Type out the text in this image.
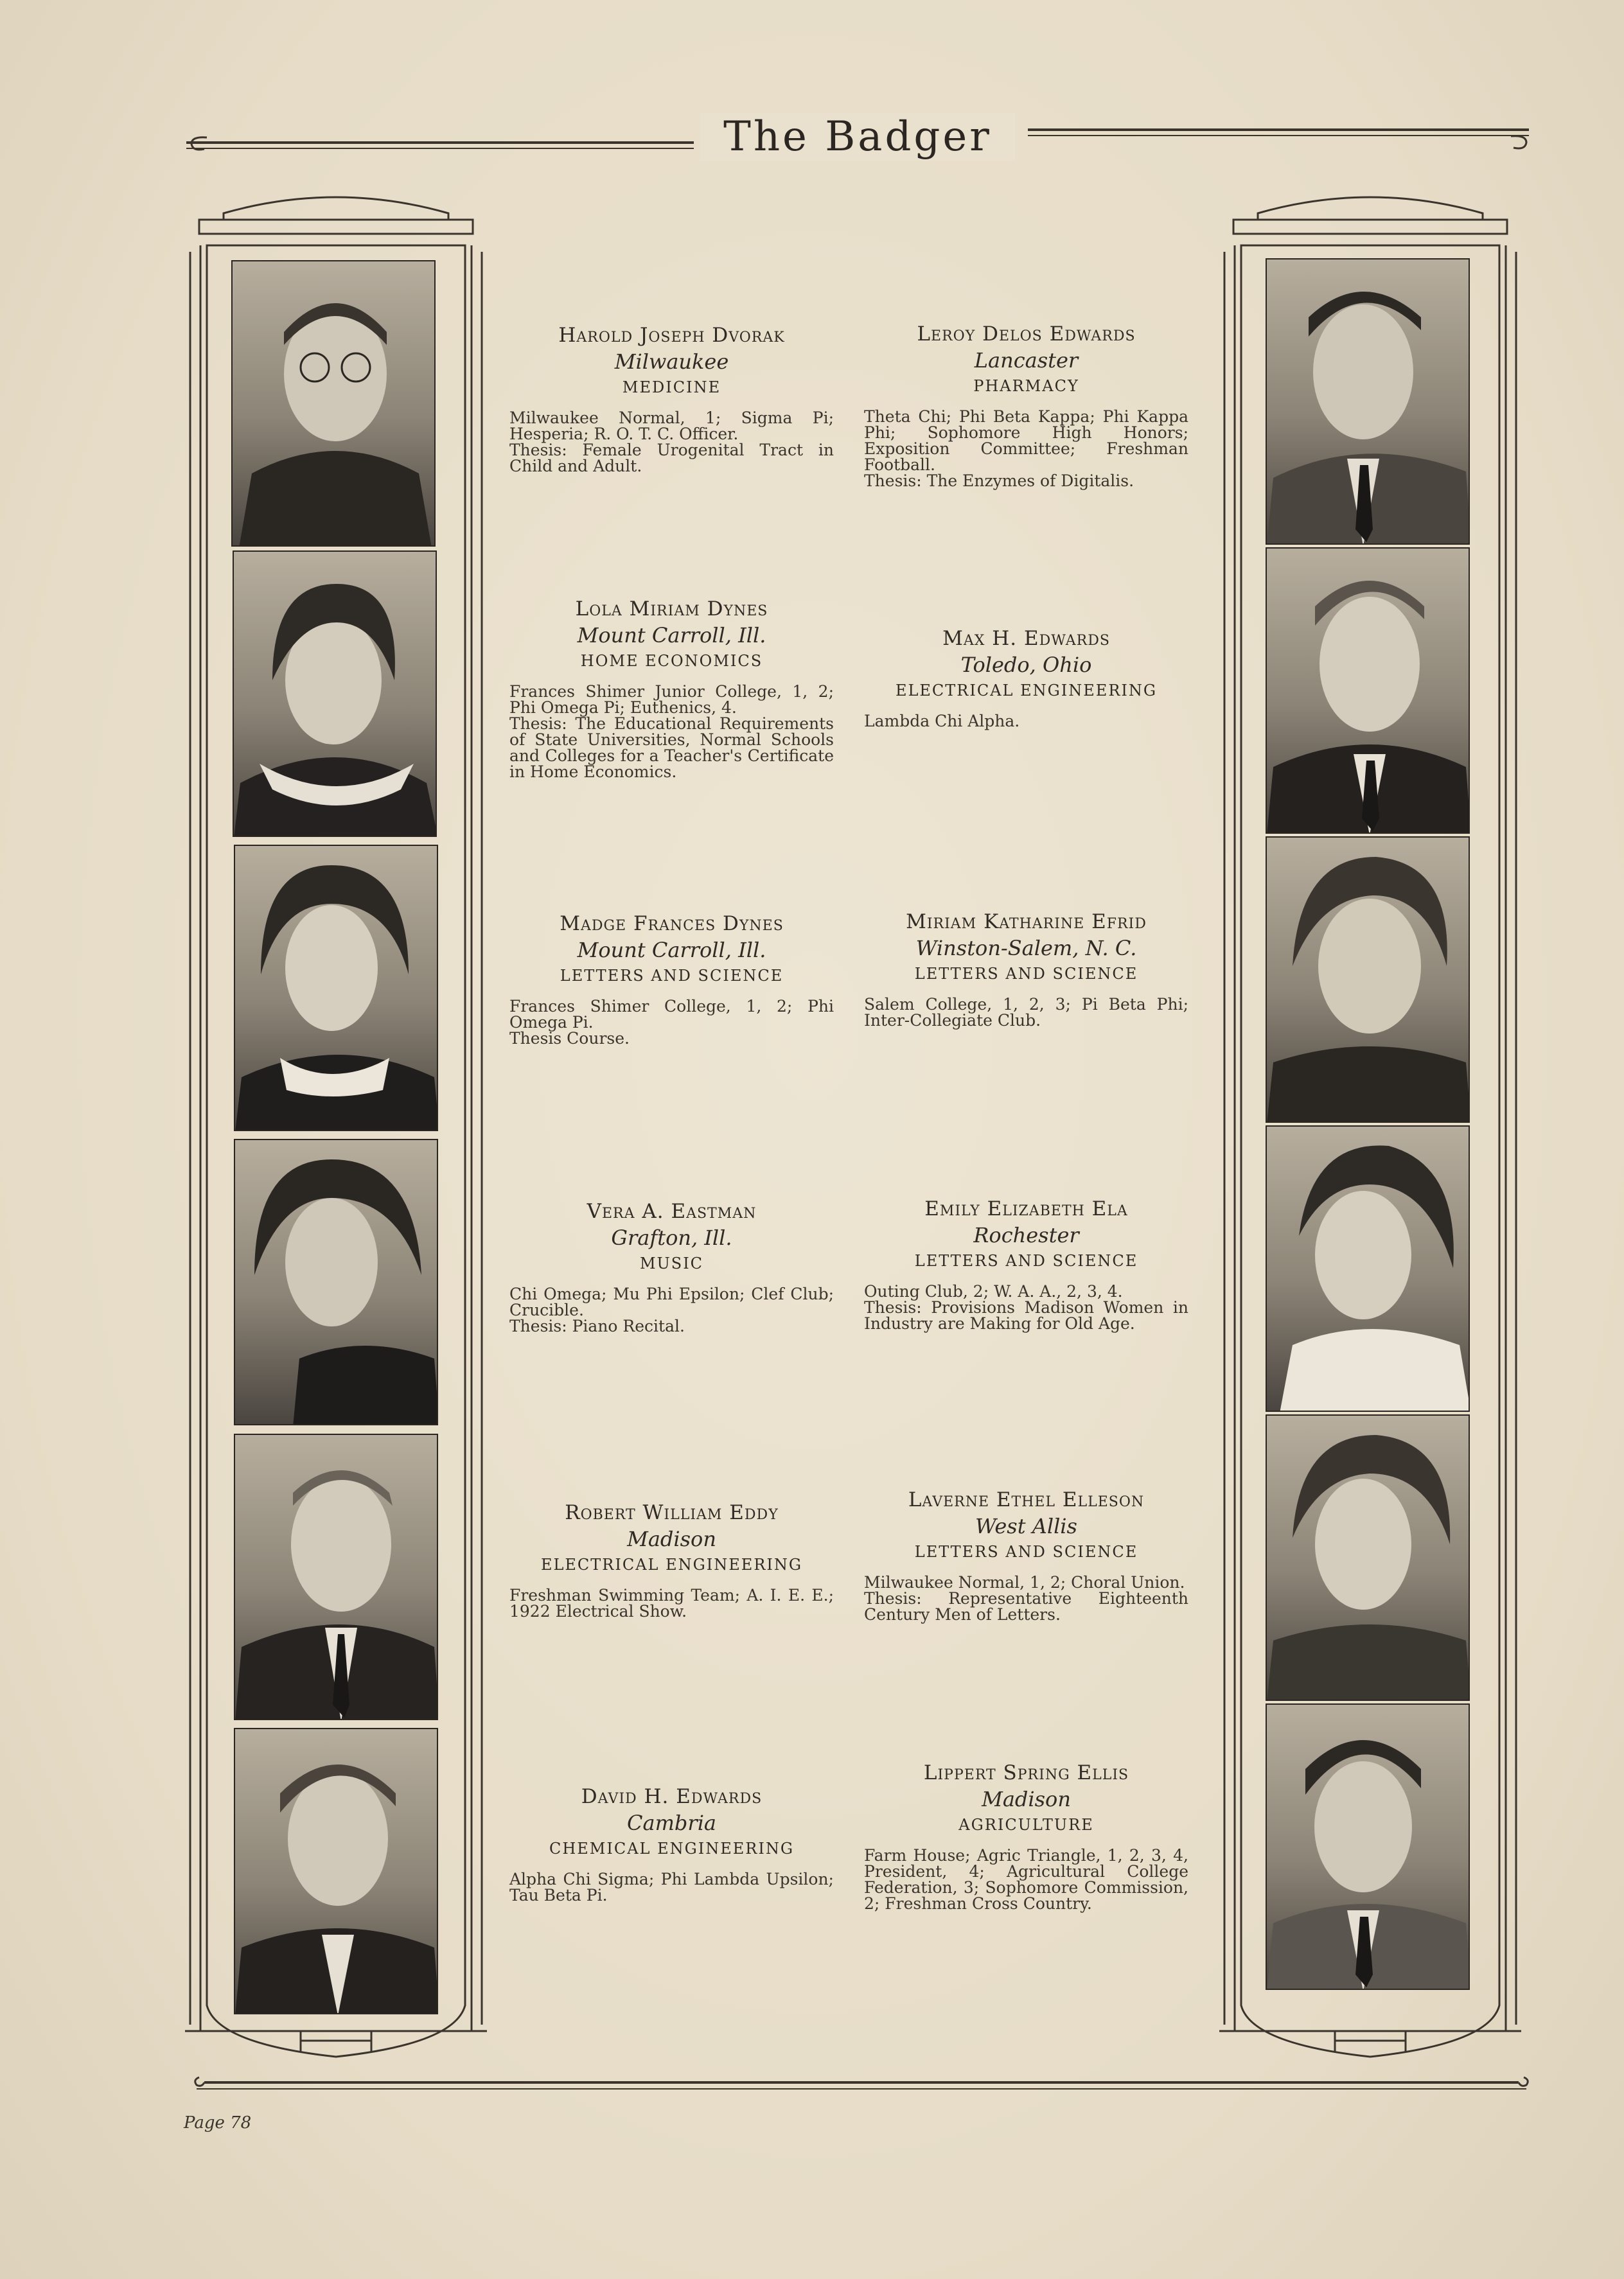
The Badger
Harold Joseph Dvorak
Milwaukee
MEDICINE
Milwaukee Normal, 1; Sigma Pi; Hesperia; R. O. T. C. Officer.
Thesis: Female Urogenital Tract in Child and Adult.
Lola Miriam Dynes
Mount Carroll, Ill.
HOME ECONOMICS
Frances Shimer Junior College, 1, 2; Phi Omega Pi; Euthenics, 4.
Thesis: The Educational Requirements of State Universities, Normal Schools and Colleges for a Teacher's Certificate in Home Economics.
Madge Frances Dynes
Mount Carroll, Ill.
LETTERS AND SCIENCE
Frances Shimer College, 1, 2; Phi Omega Pi.
Thesis Course.
Vera A. Eastman
Grafton, Ill.
MUSIC
Chi Omega; Mu Phi Epsilon; Clef Club; Crucible.
Thesis: Piano Recital.
Robert William Eddy
Madison
ELECTRICAL ENGINEERING
Freshman Swimming Team; A. I. E. E.; 1922 Electrical Show.
David H. Edwards
Cambria
CHEMICAL ENGINEERING
Alpha Chi Sigma; Phi Lambda Upsilon; Tau Beta Pi.
Leroy Delos Edwards
Lancaster
PHARMACY
Theta Chi; Phi Beta Kappa; Phi Kappa Phi; Sophomore High Honors; Exposition Committee; Freshman Football.
Thesis: The Enzymes of Digitalis.
Max H. Edwards
Toledo, Ohio
ELECTRICAL ENGINEERING
Lambda Chi Alpha.
Miriam Katharine Efrid
Winston-Salem, N. C.
LETTERS AND SCIENCE
Salem College, 1, 2, 3; Pi Beta Phi; Inter-Collegiate Club.
Emily Elizabeth Ela
Rochester
LETTERS AND SCIENCE
Outing Club, 2; W. A. A., 2, 3, 4.
Thesis: Provisions Madison Women in Industry are Making for Old Age.
Laverne Ethel Elleson
West Allis
LETTERS AND SCIENCE
Milwaukee Normal, 1, 2; Choral Union.
Thesis: Representative Eighteenth Century Men of Letters.
Lippert Spring Ellis
Madison
AGRICULTURE
Farm House; Agric Triangle, 1, 2, 3, 4, President, 4; Agricultural College Federation, 3; Sophomore Commission, 2; Freshman Cross Country.
Page 78
